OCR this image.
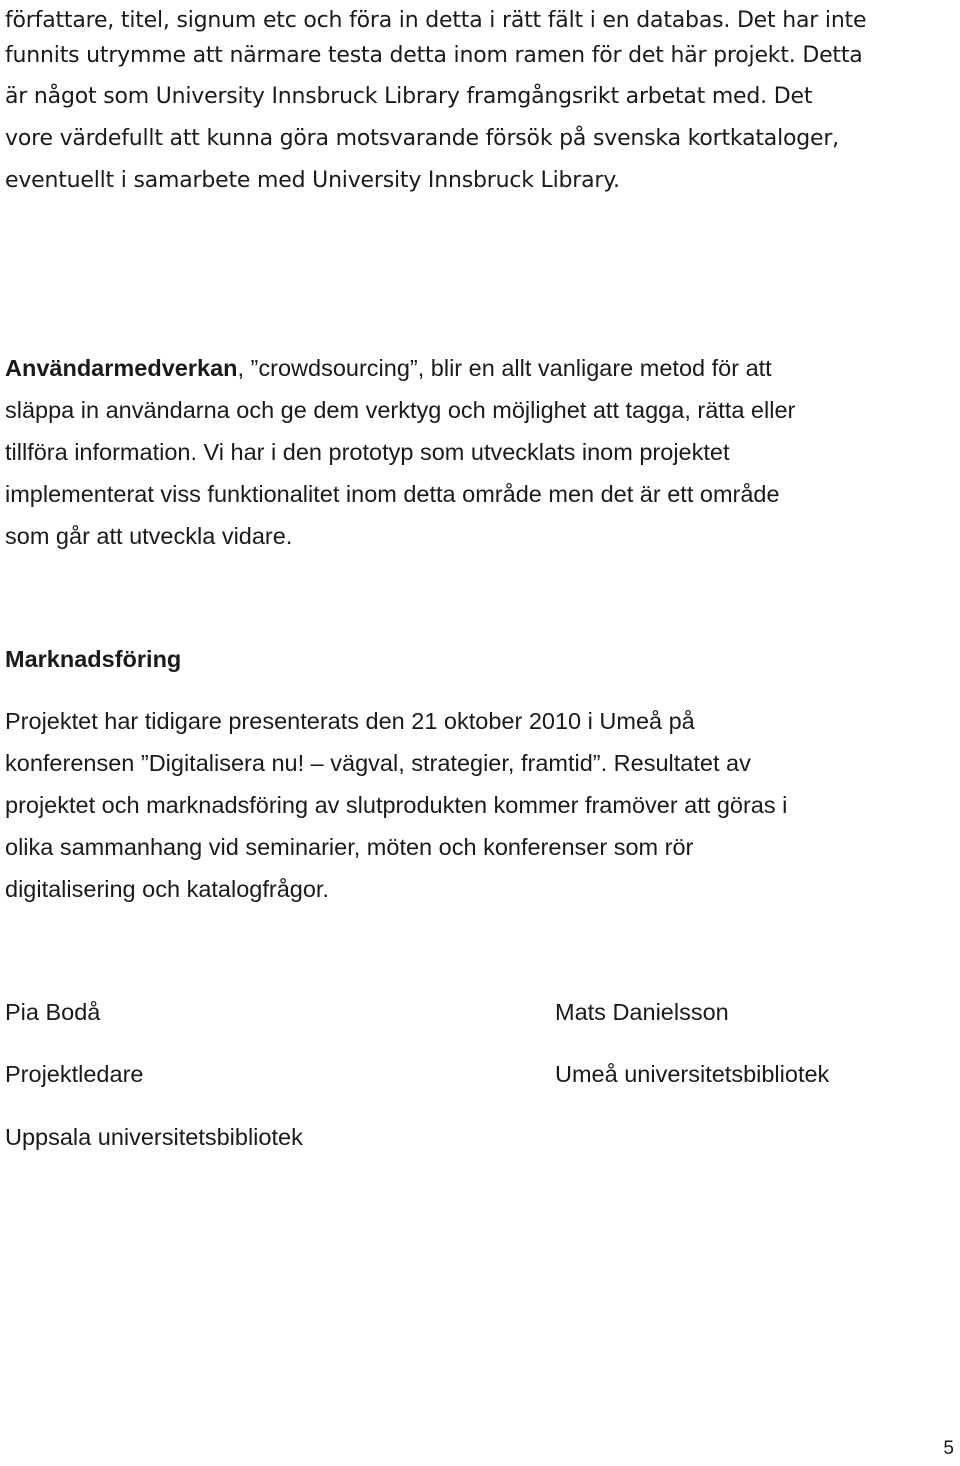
författare, titel, signum etc och föra in detta i rätt fält i en databas. Det har inte
funnits utrymme att närmare testa detta inom ramen för det här projekt. Detta
är något som University Innsbruck Library framgångsrikt arbetat med. Det
vore värdefullt att kunna göra motsvarande försök på svenska kortkataloger,
eventuellt i samarbete med University Innsbruck Library.
Användarmedverkan, ”crowdsourcing”, blir en allt vanligare metod för att
släppa in användarna och ge dem verktyg och möjlighet att tagga, rätta eller
tillföra information. Vi har i den prototyp som utvecklats inom projektet
implementerat viss funktionalitet inom detta område men det är ett område
som går att utveckla vidare.
Marknadsföring
Projektet har tidigare presenterats den 21 oktober 2010 i Umeå på
konferensen ”Digitalisera nu! – vägval, strategier, framtid”. Resultatet av
projektet och marknadsföring av slutprodukten kommer framöver att göras i
olika sammanhang vid seminarier, möten och konferenser som rör
digitalisering och katalogfrågor.
Pia Bodå
Projektledare
Uppsala universitetsbibliotek
Mats Danielsson
Umeå universitetsbibliotek
5
